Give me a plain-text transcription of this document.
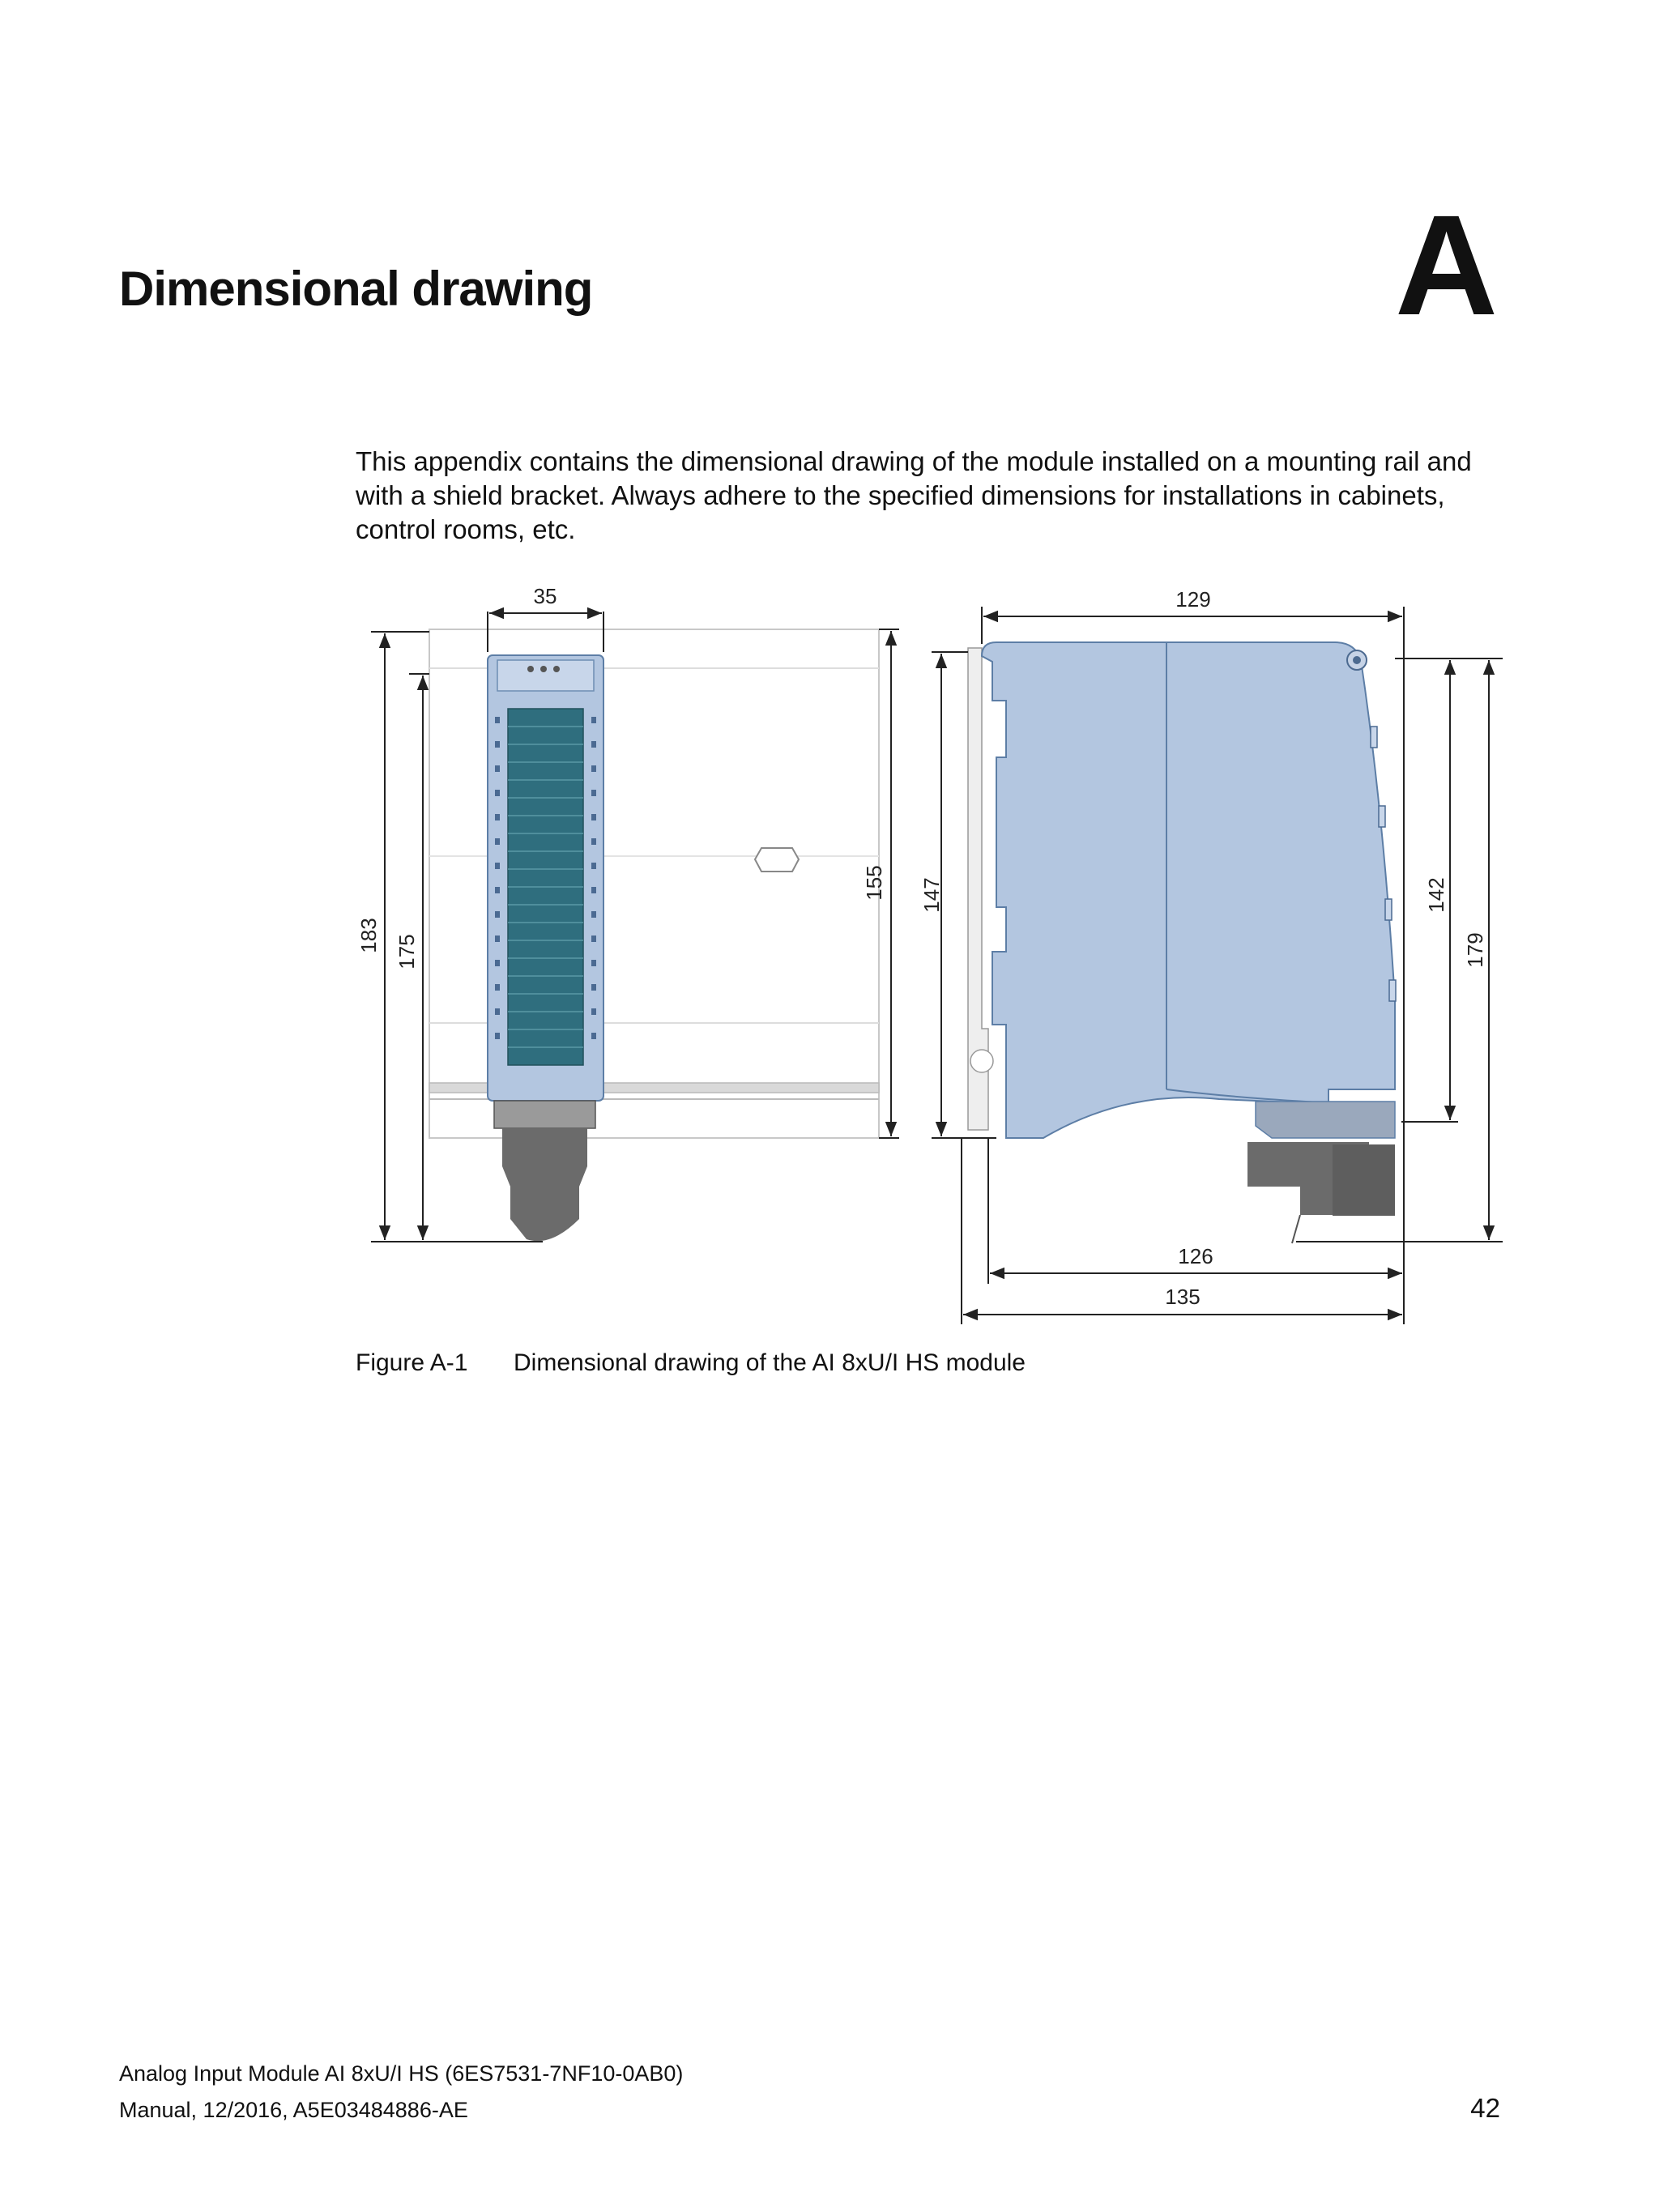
Dimensional drawing	A

This appendix contains the dimensional drawing of the module installed on a mounting rail and with a shield bracket. Always adhere to the specified dimensions for installations in cabinets, control rooms, etc.

35
183 175
155
129
147	142
179
126
135
Figure A-1 Dimensional drawing of the AI 8xU/I HS module
Analog Input Module AI 8xU/I HS (6ES7531-7NF10-0AB0)
Manual, 12/2016, A5E03484886-AE	42
